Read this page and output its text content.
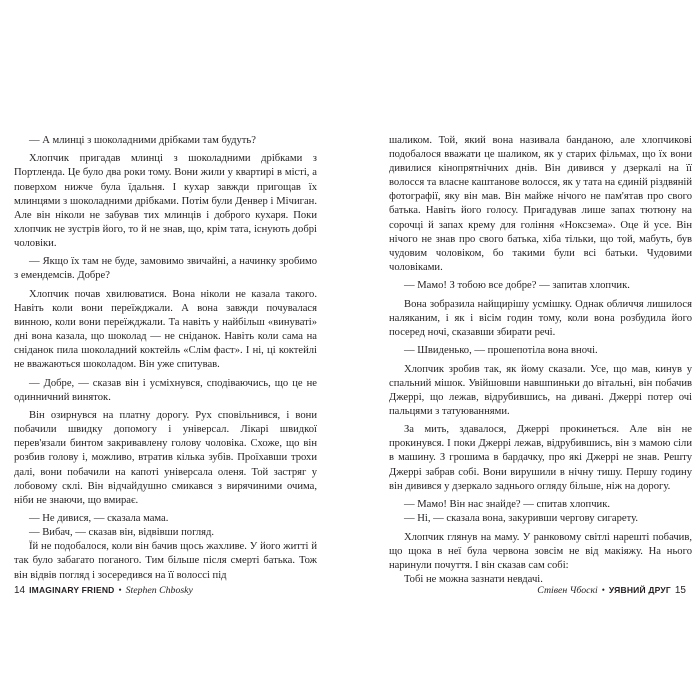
— А млинці з шоколадними дрібками там будуть?

Хлопчик пригадав млинці з шоколадними дрібками з Портленда. Це було два роки тому. Вони жили у квартирі в місті, а поверхом нижче була їдальня. І кухар завжди пригощав їх млинцями з шоколадними дрібками. Потім були Денвер і Мічиган. Але він ніколи не забував тих млинців і доброго кухаря. Поки хлопчик не зустрів його, то й не знав, що, крім тата, існують добрі чоловіки.

— Якщо їх там не буде, замовимо звичайні, а начинку зробимо з емендемсів. Добре?

Хлопчик почав хвилюватися. Вона ніколи не казала такого. Навіть коли вони переїжджали. А вона завжди почувалася винною, коли вони переїжджали. Та навіть у найбільш «винуваті» дні вона казала, що шоколад — не сніданок. Навіть коли сама на сніданок пила шоколадний коктейль «Слім фаст». І ні, ці коктейлі не вважаються шоколадом. Він уже спитував.

— Добре, — сказав він і усміхнувся, сподіваючись, що це не одинничний виняток.

Він озирнувся на платну дорогу. Рух сповільнився, і вони побачили швидку допомогу і універсал. Лікарі швидкої перев'язали бинтом закривавлену голову чоловіка. Схоже, що він розбив голову і, можливо, втратив кілька зубів. Проїхавши трохи далі, вони побачили на капоті універсала оленя. Той застряг у лобовому склі. Він відчайдушно смикався з вирячиними очима, ніби не знаючи, що вмирає.

— Не дивися, — сказала мама.

— Вибач, — сказав він, відвівши погляд.

Їй не подобалося, коли він бачив щось жахливе. У його житті й так було забагато поганого. Тим більше після смерті батька. Тож він відвів погляд і зосередився на її волоссі під

шаликом. Той, який вона називала банданою, але хлопчикові подобалося вважати це шаликом, як у старих фільмах, що їх вони дивилися кінопрятнічних днів. Він дивився у дзеркалі на її волосся та власне каштанове волосся, як у тата на єдиній різдвяній фотографії, яку він мав. Він майже нічого не пам'ятав про свого батька. Навіть його голосу. Пригадував лише запах тютюну на сорочці й запах крему для гоління «Ноксзема». Оце й усе. Він нічого не знав про свого батька, хіба тільки, що той, мабуть, був чудовим чоловіком, бо такими були всі батьки. Чудовими чоловіками.

— Мамо! З тобою все добре? — запитав хлопчик.

Вона зобразила найщирішу усмішку. Однак обличчя лишилося наляканим, і як і вісім годин тому, коли вона розбудила його посеред ночі, сказавши збирати речі.

— Швиденько, — прошепотіла вона вночі.

Хлопчик зробив так, як йому сказали. Усе, що мав, кинув у спальний мішок. Увійшовши навшпиньки до вітальні, він побачив Джеррі, що лежав, відрубившись, на дивані. Джеррі потер очі пальцями з татуюваннями.

За мить, здавалося, Джеррі прокинеться. Але він не прокинувся. І поки Джеррі лежав, відрубившись, він з мамою сіли в машину. З грошима в бардачку, про які Джеррі не знав. Решту Джеррі забрав собі. Вони вирушили в нічну тишу. Першу годину він дивився у дзеркало заднього огляду більше, ніж на дорогу.

— Мамо! Він нас знайде? — спитав хлопчик.

— Ні, — сказала вона, закуривши чергову сигарету.

Хлопчик глянув на маму. У ранковому світлі нарешті побачив, що щока в неї була червона зовсім не від макіяжу. На нього наринули почуття. І він сказав сам собі:

Тобі не можна зазнати невдачі.

14 IMAGINARY FRIEND • Stephen Chbosky	Стівен Чбоскі • УЯВНИЙ ДРУГ 15
